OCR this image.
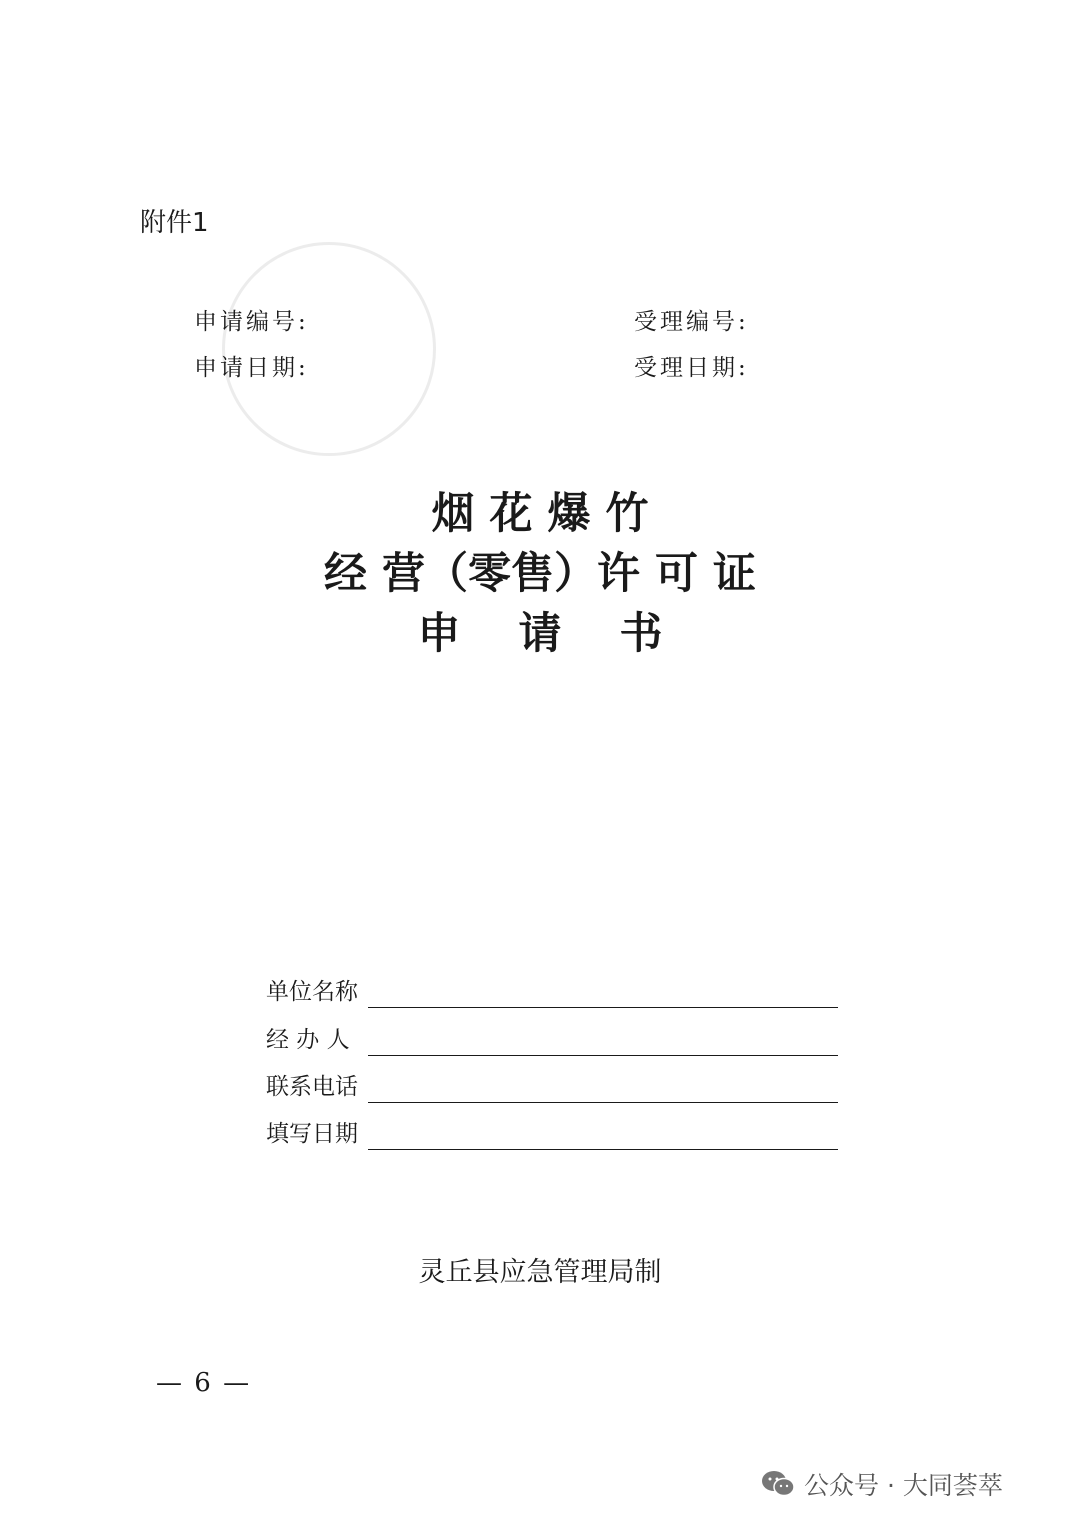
附件1
申请编号:	受理编号:
申请日期:	受理日期:
烟 花 爆 竹
经 营（零售）许 可 证
申　 请　 书
单位名称
经 办 人
联系电话
填写日期
灵丘县应急管理局制
— 6 —
公众号 · 大同荟萃
